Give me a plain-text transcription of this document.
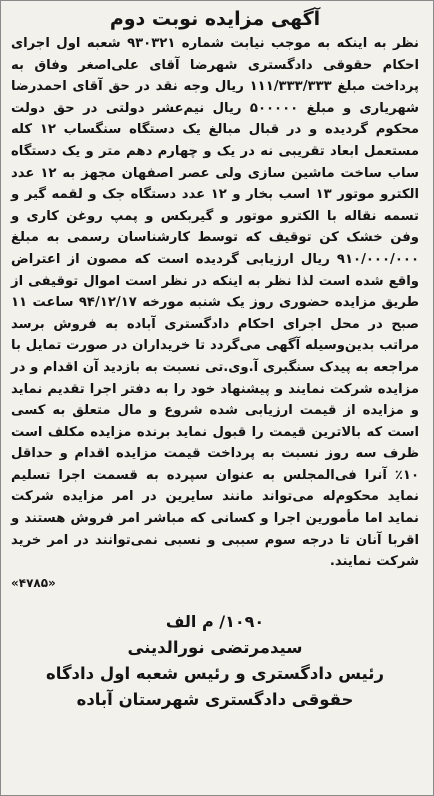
آگهی مزایده نوبت دوم

نظر به اینکه به موجب نیابت شماره ۹۳۰۳۲۱ شعبه اول اجرای احکام حقوقی دادگستری شهرضا آقای علی‌اصغر وفاق به پرداخت مبلغ ۱۱۱/۳۳۳/۳۳۳ ریال وجه نقد در حق آقای احمدرضا شهریاری و مبلغ ۵۰۰۰۰۰ ریال نیم‌عشر دولتی در حق دولت محکوم گردیده و در قبال مبالغ یک دستگاه سنگساب ۱۲ کله مستعمل ابعاد تقریبی نه در یک و چهارم دهم متر و یک دستگاه ساب ساخت ماشین سازی ولی عصر اصفهان مجهز به ۱۲ عدد الکترو موتور ۱۳ اسب بخار و ۱۲ عدد دستگاه جک و لقمه گیر و تسمه نقاله با الکترو موتور و گیربکس و پمپ روغن کاری و وفن خشک کن توقیف که توسط کارشناسان رسمی به مبلغ ۹۱۰/۰۰۰/۰۰۰ ریال ارزیابی گردیده است که مصون از اعتراض واقع شده است لذا نظر به اینکه در نظر است اموال توقیفی از طریق مزایده حضوری روز یک شنبه مورخه ۹۴/۱۲/۱۷ ساعت ۱۱ صبح در محل اجرای احکام دادگستری آباده به فروش برسد مراتب بدین‌وسیله آگهی می‌گردد تا خریداران در صورت تمایل با مراجعه به پیدک سنگبری آ.وی.تی نسبت به بازدید آن اقدام و در مزایده شرکت نمایند و پیشنهاد خود را به دفتر اجرا تقدیم نماید و مزایده از قیمت ارزیابی شده شروع و مال متعلق به کسی است که بالاترین قیمت را قبول نماید برنده مزایده مکلف است ظرف سه روز نسبت به پرداخت قیمت مزایده اقدام و حداقل ۱۰٪ آنرا فی‌المجلس به عنوان سپرده به قسمت اجرا تسلیم نماید محکوم‌له می‌تواند مانند سایرین در امر مزایده شرکت نماید اما مأمورین اجرا و کسانی که مباشر امر فروش هستند و اقربا آنان تا درجه سوم سببی و نسبی نمی‌توانند در امر خرید شرکت نمایند.

«۴۷۸۵»
۱۰۹۰/ م الف
سیدمرتضی نورالدینی
رئیس دادگستری و رئیس شعبه اول دادگاه
حقوقی دادگستری شهرستان آباده
